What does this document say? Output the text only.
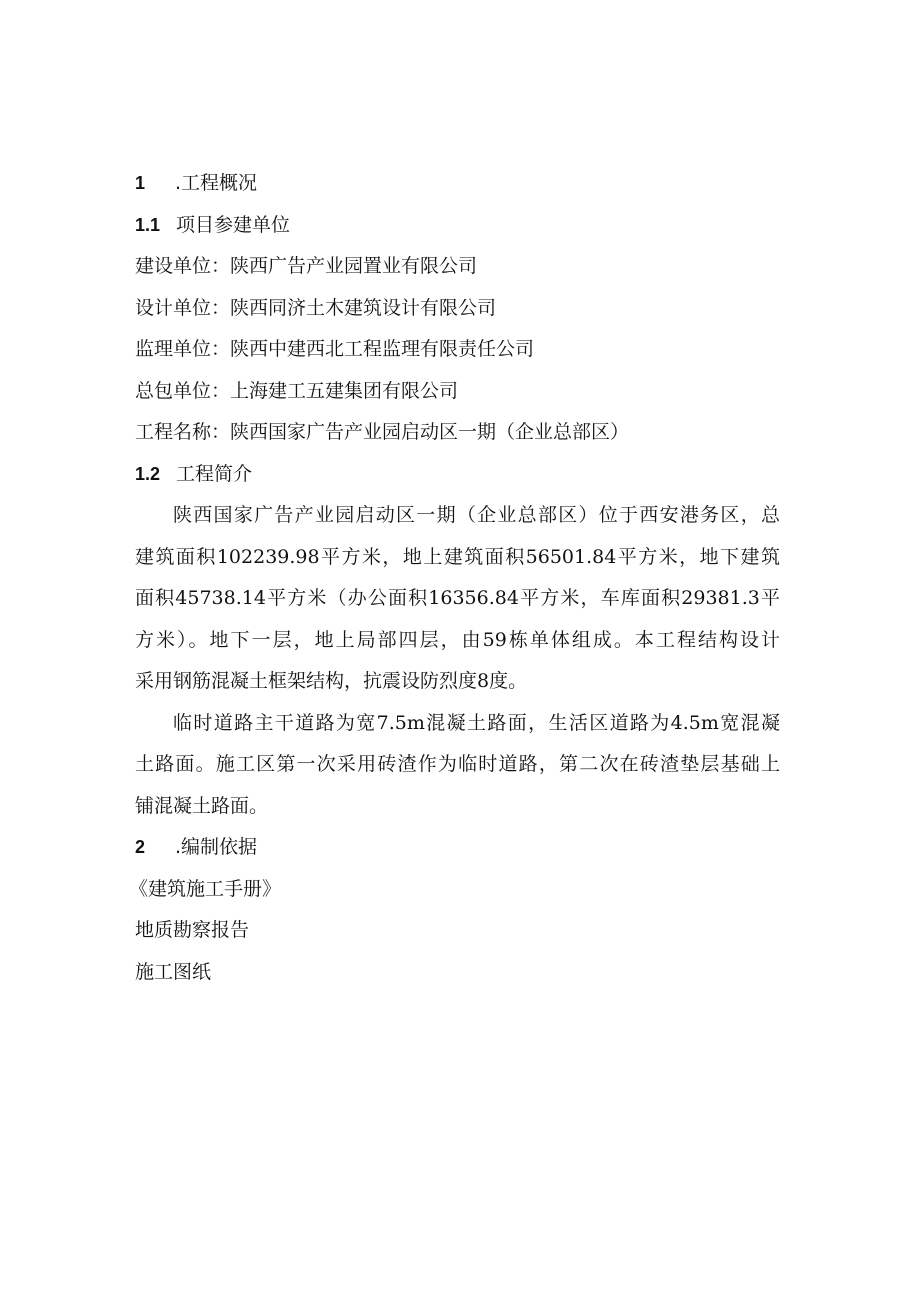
1	.工程概况
1.1 项目参建单位
建设单位：陕西广告产业园置业有限公司
设计单位：陕西同济土木建筑设计有限公司
监理单位：陕西中建西北工程监理有限责任公司
总包单位：上海建工五建集团有限公司
工程名称：陕西国家广告产业园启动区一期（企业总部区）
1.2 工程简介
陕西国家广告产业园启动区一期（企业总部区）位于西安港务区，总
建筑面积102239.98平方米，地上建筑面积56501.84平方米，地下建筑
面积45738.14平方米（办公面积16356.84平方米，车库面积29381.3平
方米）。地下一层，地上局部四层，由59栋单体组成。本工程结构设计
采用钢筋混凝土框架结构，抗震设防烈度8度。
临时道路主干道路为宽7.5m混凝土路面，生活区道路为4.5m宽混凝
土路面。施工区第一次采用砖渣作为临时道路，第二次在砖渣垫层基础上
铺混凝土路面。
2	.编制依据
《建筑施工手册》
地质勘察报告
施工图纸
